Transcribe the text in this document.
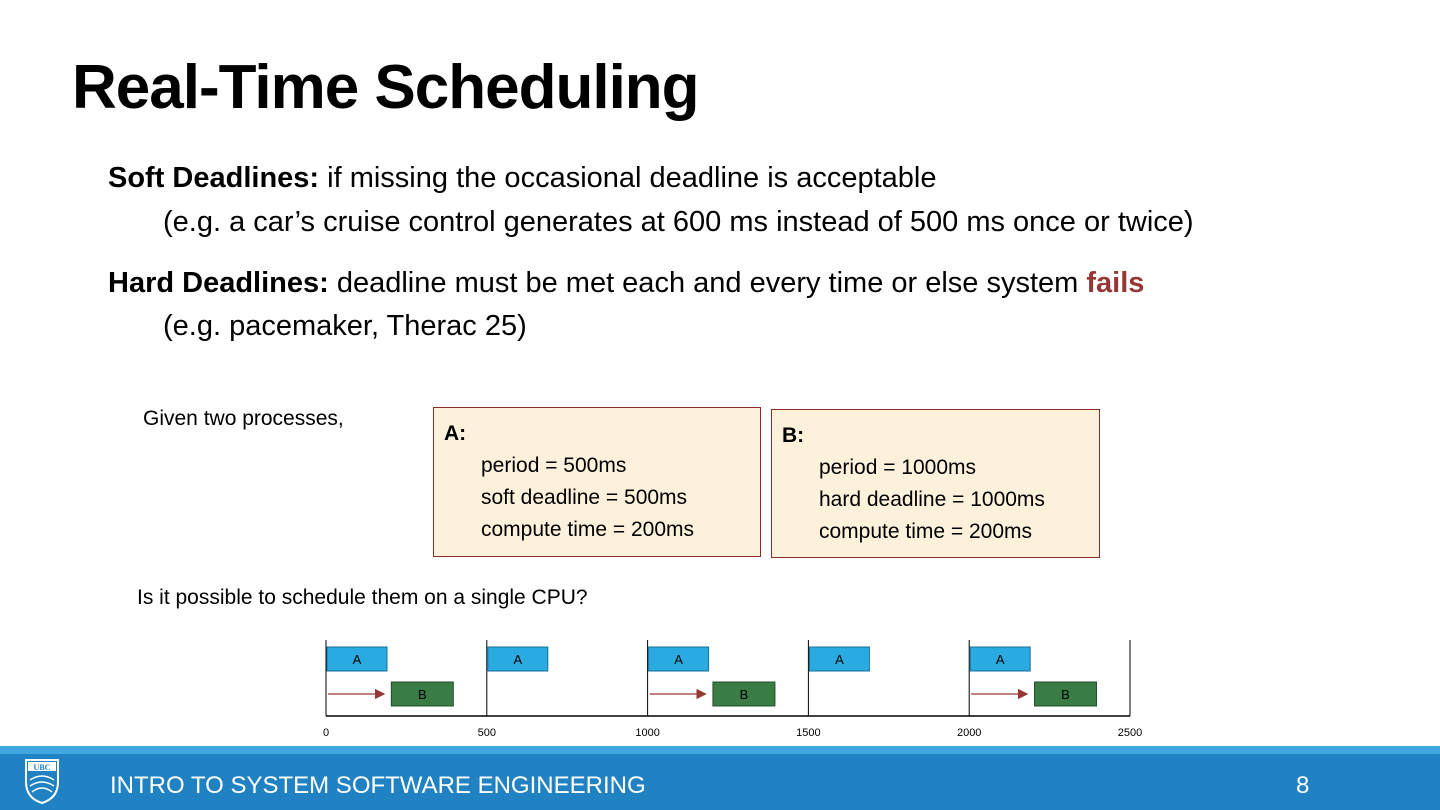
Real-Time Scheduling
Soft Deadlines: if missing the occasional deadline is acceptable
(e.g. a car’s cruise control generates at 600 ms instead of 500 ms once or twice)
Hard Deadlines: deadline must be met each and every time or else system fails
(e.g. pacemaker, Therac 25)
Given two processes,
A:
period = 500ms
soft deadline = 500ms
compute time = 200ms
B:
period = 1000ms
hard deadline = 1000ms
compute time = 200ms
Is it possible to schedule them on a single CPU?
0	500	1000	1500	2000	2500
A	A	A	A	A
B	B	B
UBC
INTRO TO SYSTEM SOFTWARE ENGINEERING	8
